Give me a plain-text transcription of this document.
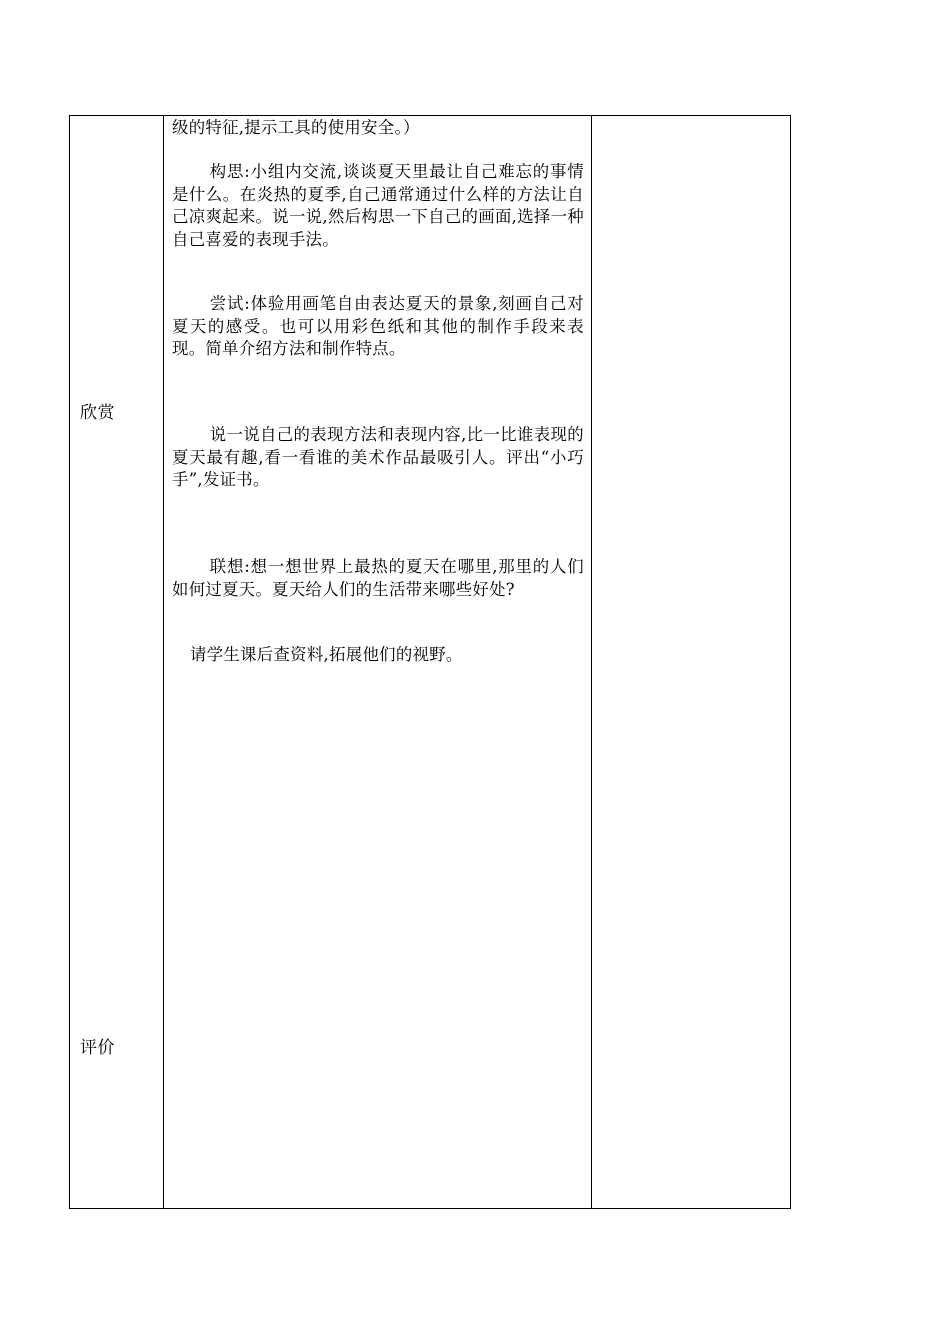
欣赏
评价

级的特征,提示工具的使用安全。）

构思:小组内交流,谈谈夏天里最让自己难忘的事情是什么。在炎热的夏季,自己通常通过什么样的方法让自己凉爽起来。说一说,然后构思一下自己的画面,选择一种自己喜爱的表现手法。

尝试:体验用画笔自由表达夏天的景象,刻画自己对夏天的感受。也可以用彩色纸和其他的制作手段来表现。简单介绍方法和制作特点。

说一说自己的表现方法和表现内容,比一比谁表现的夏天最有趣,看一看谁的美术作品最吸引人。评出“小巧手”,发证书。

联想:想一想世界上最热的夏天在哪里,那里的人们如何过夏天。夏天给人们的生活带来哪些好处?

请学生课后查资料,拓展他们的视野。
